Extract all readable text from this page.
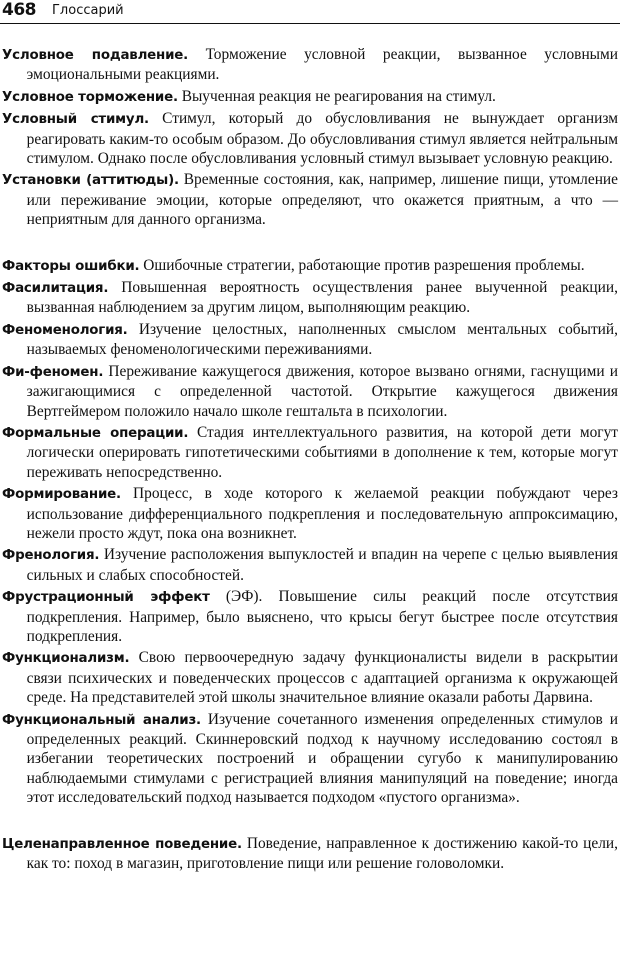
468 Глоссарий

Условное подавление. Торможение условной реакции, вызванное условными эмоциональными реакциями.

Условное торможение. Выученная реакция не реагирования на стимул.

Условный стимул. Стимул, который до обусловливания не вынуждает организм реагировать каким-то особым образом. До обусловливания стимул является нейтральным стимулом. Однако после обусловливания условный стимул вызывает условную реакцию.

Установки (аттитюды). Временные состояния, как, например, лишение пищи, утомление или переживание эмоции, которые определяют, что окажется приятным, а что — неприятным для данного организма.

Факторы ошибки. Ошибочные стратегии, работающие против разрешения проблемы.

Фасилитация. Повышенная вероятность осуществления ранее выученной реакции, вызванная наблюдением за другим лицом, выполняющим реакцию.

Феноменология. Изучение целостных, наполненных смыслом ментальных событий, называемых феноменологическими переживаниями.

Фи-феномен. Переживание кажущегося движения, которое вызвано огнями, гаснущими и зажигающимися с определенной частотой. Открытие кажущегося движения Вертгеймером положило начало школе гештальта в психологии.

Формальные операции. Стадия интеллектуального развития, на которой дети могут логически оперировать гипотетическими событиями в дополнение к тем, которые могут переживать непосредственно.

Формирование. Процесс, в ходе которого к желаемой реакции побуждают через использование дифференциального подкрепления и последовательную аппроксимацию, нежели просто ждут, пока она возникнет.

Френология. Изучение расположения выпуклостей и впадин на черепе с целью выявления сильных и слабых способностей.

Фрустрационный эффект (ЭФ). Повышение силы реакций после отсутствия подкрепления. Например, было выяснено, что крысы бегут быстрее после отсутствия подкрепления.

Функционализм. Свою первоочередную задачу функционалисты видели в раскрытии связи психических и поведенческих процессов с адаптацией организма к окружающей среде. На представителей этой школы значительное влияние оказали работы Дарвина.

Функциональный анализ. Изучение сочетанного изменения определенных стимулов и определенных реакций. Скиннеровский подход к научному исследованию состоял в избегании теоретических построений и обращении сугубо к манипулированию наблюдаемыми стимулами с регистрацией влияния манипуляций на поведение; иногда этот исследовательский подход называется подходом «пустого организма».

Целенаправленное поведение. Поведение, направленное к достижению какой-то цели, как то: поход в магазин, приготовление пищи или решение головоломки.
